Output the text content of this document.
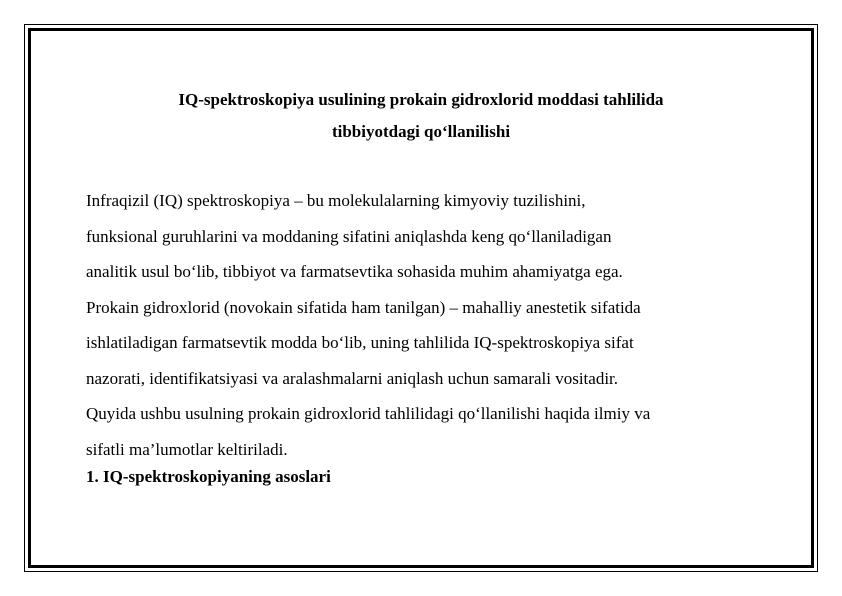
IQ-spektroskopiya usulining prokain gidroxlorid moddasi tahlilida
tibbiyotdagi qo‘llanilishi

Infraqizil (IQ) spektroskopiya – bu molekulalarning kimyoviy tuzilishini,
funksional guruhlarini va moddaning sifatini aniqlashda keng qo‘llaniladigan
analitik usul bo‘lib, tibbiyot va farmatsevtika sohasida muhim ahamiyatga ega.
Prokain gidroxlorid (novokain sifatida ham tanilgan) – mahalliy anestetik sifatida
ishlatiladigan farmatsevtik modda bo‘lib, uning tahlilida IQ-spektroskopiya sifat
nazorati, identifikatsiyasi va aralashmalarni aniqlash uchun samarali vositadir.
Quyida ushbu usulning prokain gidroxlorid tahlilidagi qo‘llanilishi haqida ilmiy va
sifatli ma’lumotlar keltiriladi.

1. IQ-spektroskopiyaning asoslari
